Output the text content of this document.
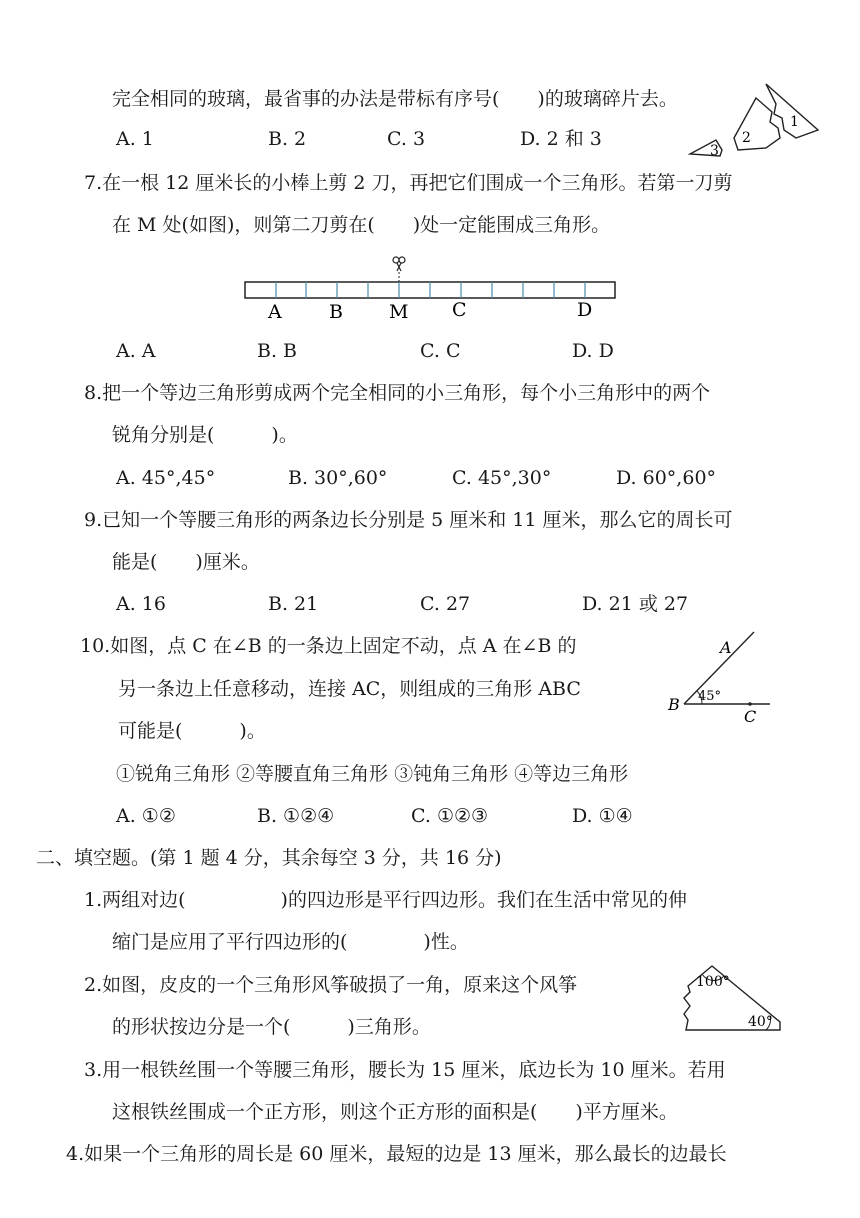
完全相同的玻璃，最省事的办法是带标有序号(　　)的玻璃碎片去。
A. 1	B. 2	C. 3	D. 2 和 3
1
2
3
7.在一根 12 厘米长的小棒上剪 2 刀，再把它们围成一个三角形。若第一刀剪
在 M 处(如图)，则第二刀剪在(　　)处一定能围成三角形。
A B M C	D
A. A	B. B	C. C	D. D
8.把一个等边三角形剪成两个完全相同的小三角形，每个小三角形中的两个
锐角分别是(　　　)。
A. 45°,45°	B. 30°,60°	C. 45°,30°	D. 60°,60°
9.已知一个等腰三角形的两条边长分别是 5 厘米和 11 厘米，那么它的周长可
能是(　　)厘米。
A. 16	B. 21	C. 27	D. 21 或 27
10.如图，点 C 在∠B 的一条边上固定不动，点 A 在∠B 的
另一条边上任意移动，连接 AC，则组成的三角形 ABC
可能是(　　　)。
A
B
C
45°
①锐角三角形 ②等腰直角三角形 ③钝角三角形 ④等边三角形
A. ①②	B. ①②④	C. ①②③	D. ①④
二、填空题。(第 1 题 4 分，其余每空 3 分，共 16 分)
1.两组对边(　　　　　)的四边形是平行四边形。我们在生活中常见的伸
缩门是应用了平行四边形的(　　　　)性。
2.如图，皮皮的一个三角形风筝破损了一角，原来这个风筝
的形状按边分是一个(　　　)三角形。
100°
40°
3.用一根铁丝围一个等腰三角形，腰长为 15 厘米，底边长为 10 厘米。若用
这根铁丝围成一个正方形，则这个正方形的面积是(　　)平方厘米。
4.如果一个三角形的周长是 60 厘米，最短的边是 13 厘米，那么最长的边最长
